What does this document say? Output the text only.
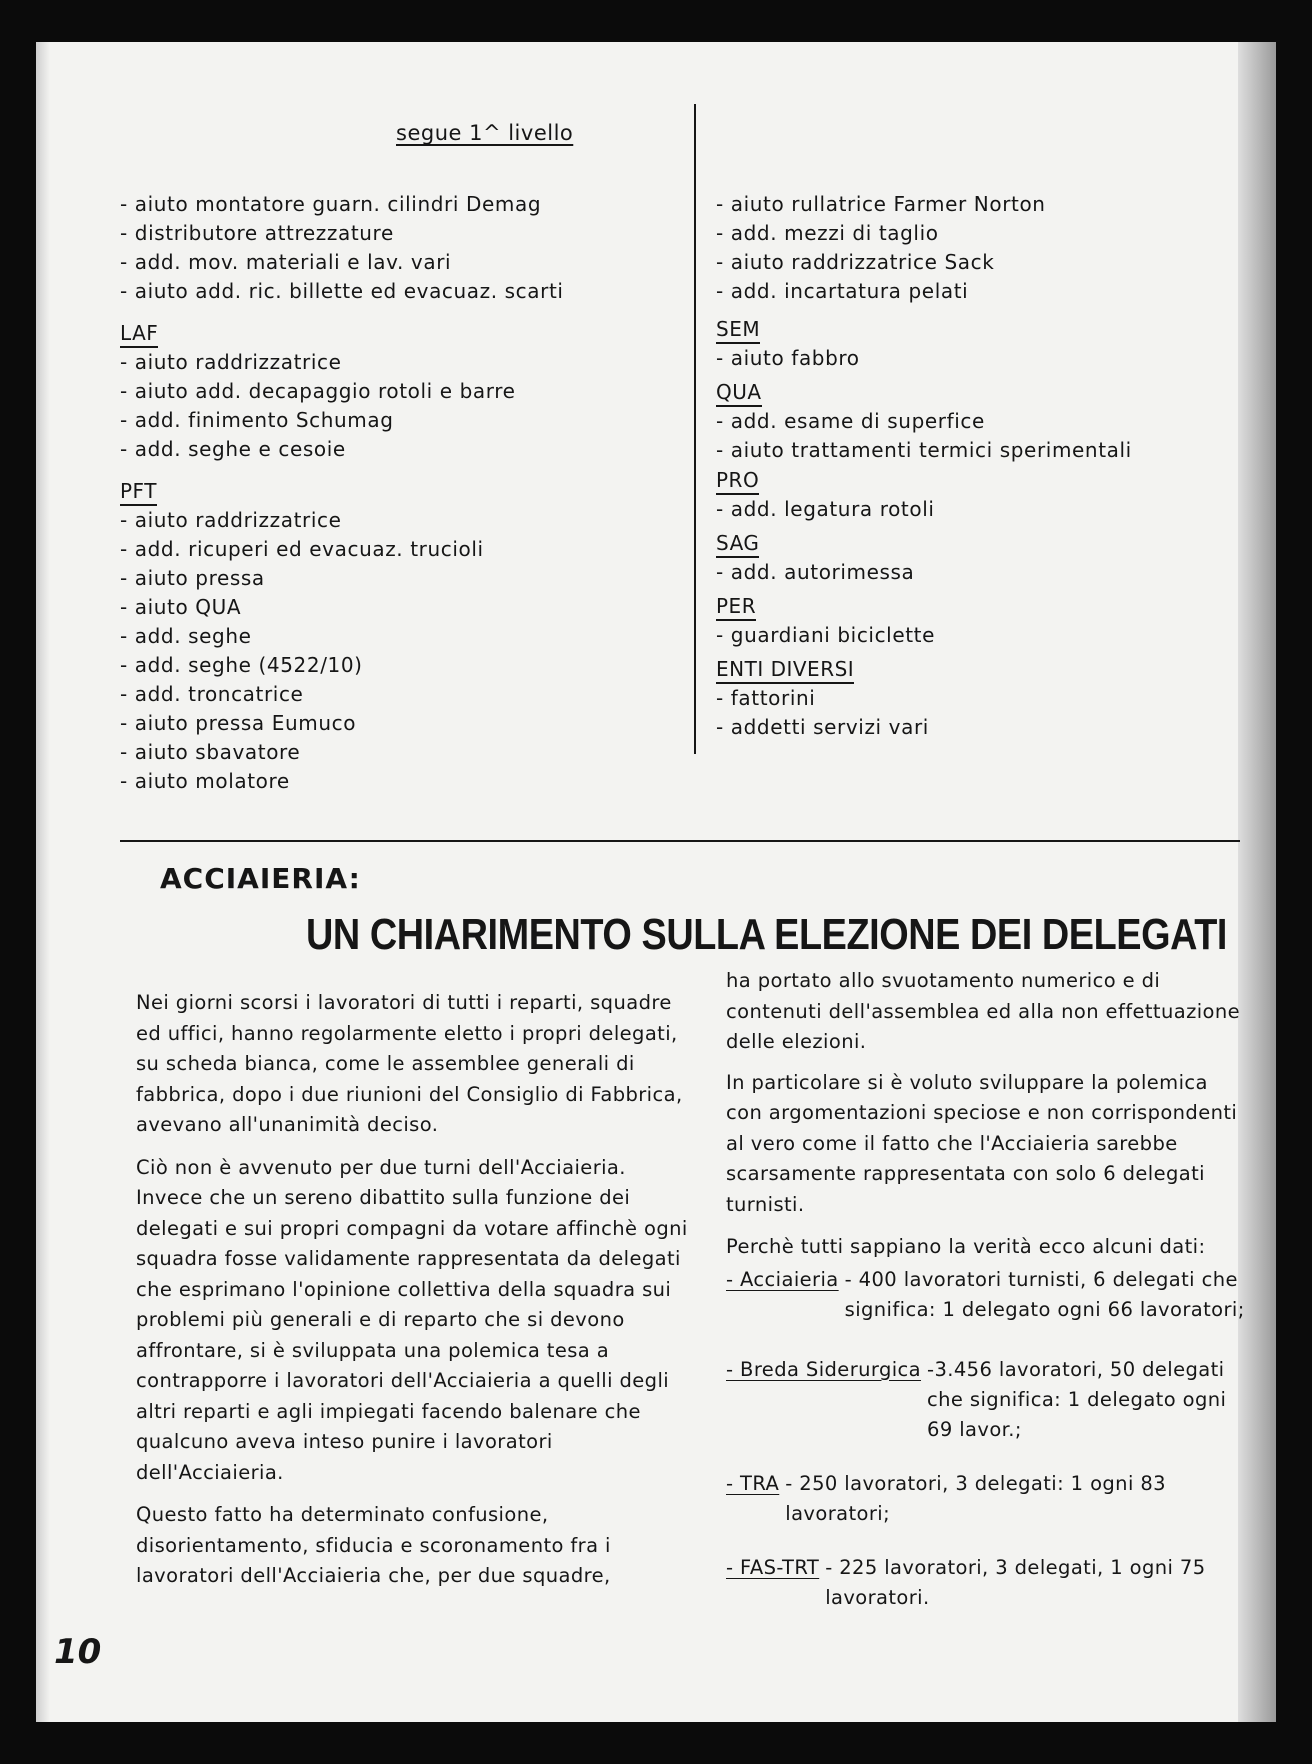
segue 1^ livello
- aiuto montatore guarn. cilindri Demag
- distributore attrezzature
- add. mov. materiali e lav. vari
- aiuto add. ric. billette ed evacuaz. scarti
LAF
- aiuto raddrizzatrice
- aiuto add. decapaggio rotoli e barre
- add. finimento Schumag
- add. seghe e cesoie
PFT
- aiuto raddrizzatrice
- add. ricuperi ed evacuaz. trucioli
- aiuto pressa
- aiuto QUA
- add. seghe
- add. seghe (4522/10)
- add. troncatrice
- aiuto pressa Eumuco
- aiuto sbavatore
- aiuto molatore
- aiuto rullatrice Farmer Norton
- add. mezzi di taglio
- aiuto raddrizzatrice Sack
- add. incartatura pelati
SEM
- aiuto fabbro
QUA
- add. esame di superfice
- aiuto trattamenti termici sperimentali
PRO
- add. legatura rotoli
SAG
- add. autorimessa
PER
- guardiani biciclette
ENTI DIVERSI
- fattorini
- addetti servizi vari
ACCIAIERIA:
UN CHIARIMENTO SULLA ELEZIONE DEI DELEGATI

Nei giorni scorsi i lavoratori di tutti i reparti, squadre ed uffici, hanno regolarmente eletto i propri delegati, su scheda bianca, come le assemblee generali di fabbrica, dopo i due riunioni del Consiglio di Fabbrica, avevano all'unanimità deciso.

Ciò non è avvenuto per due turni dell'Acciaieria. Invece che un sereno dibattito sulla funzione dei delegati e sui propri compagni da votare affinchè ogni squadra fosse validamente rappresentata da delegati che esprimano l'opinione collettiva della squadra sui problemi più generali e di reparto che si devono affrontare, si è sviluppata una polemica tesa a contrapporre i lavoratori dell'Acciaieria a quelli degli altri reparti e agli impiegati facendo balenare che qualcuno aveva inteso punire i lavoratori dell'Acciaieria.

Questo fatto ha determinato confusione, disorientamento, sfiducia e scoronamento fra i lavoratori dell'Acciaieria che, per due squadre,

ha portato allo svuotamento numerico e di contenuti dell'assemblea ed alla non effettuazione delle elezioni.

In particolare si è voluto sviluppare la polemica con argomentazioni speciose e non corrispondenti al vero come il fatto che l'Acciaieria sarebbe scarsamente rappresentata con solo 6 delegati turnisti.

Perchè tutti sappiano la verità ecco alcuni dati:

- Acciaieria - 400 lavoratori turnisti, 6 delegati che significa: 1 delegato ogni 66 lavoratori;
- Breda Siderurgica -3.456 lavoratori, 50 delegati che significa: 1 delegato ogni 69 lavor.;
- TRA - 250 lavoratori, 3 delegati: 1 ogni 83 lavoratori;
- FAS-TRT - 225 lavoratori, 3 delegati, 1 ogni 75 lavoratori.
10
